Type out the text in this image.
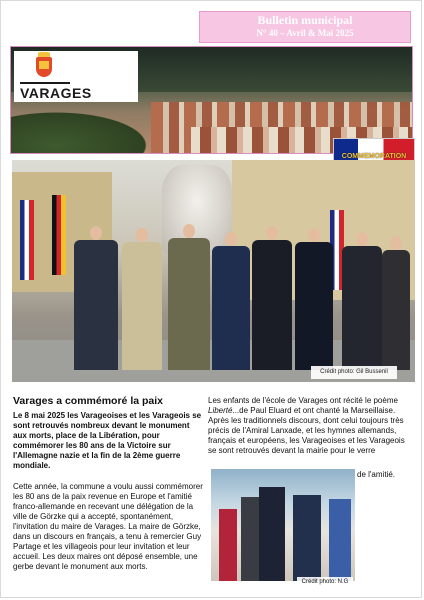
Bulletin municipal
N° 40 – Avril & Mai 2025
VARAGES
COMMEMORATION
Crédit photo: Gil Bussenil
Varages a commémoré la paix

Le 8 mai 2025 les Varageoises et les Varageois se sont retrouvés nombreux devant le monument aux morts, place de la Libération, pour commémorer les 80 ans de la Victoire sur l'Allemagne nazie et la fin de la 2ème guerre mondiale.

Cette année, la commune a voulu aussi commémorer les 80 ans de la paix revenue en Europe et l'amitié franco-allemande en recevant une délégation de la ville de Görzke qui a accepté, spontanément, l'invitation du maire de Varages. La maire de Görzke, dans un discours en français, a tenu à remercier Guy Partage et les villageois pour leur invitation et leur accueil. Les deux maires ont déposé ensemble, une gerbe devant le monument aux morts.

Les enfants de l'école de Varages ont récité le poème Liberté...de Paul Eluard et ont chanté la Marseillaise. Après les traditionnels discours, dont celui toujours très précis de l'Amiral Lanxade, et les hymnes allemands, français et européens, les Varageoises et les Varageois se sont retrouvés devant la mairie pour le verre

Crédit photo: N.G
de l'amitié.
